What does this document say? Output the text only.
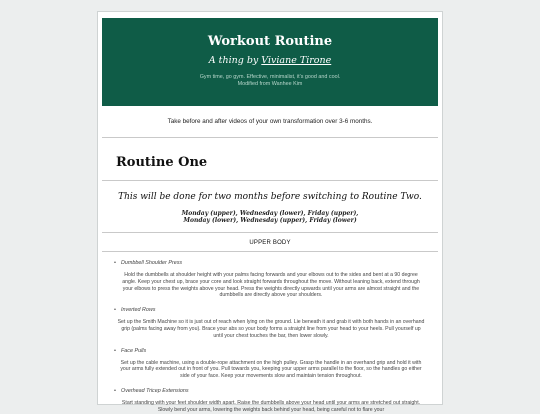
Workout Routine
A thing by Viviane Tirone
Gym time, go gym. Effective, minimalist, it's good and cool.
Modified from Wanhee Kim
Take before and after videos of your own transformation over 3-6 months.
Routine One
This will be done for two months before switching to Routine Two.
Monday (upper), Wednesday (lower), Friday (upper),
Monday (lower), Wednesday (upper), Friday (lower)
UPPER BODY
• Dumbbell Shoulder Press
Hold the dumbbells at shoulder height with your palms facing forwards and your elbows out to the sides and bent at a 90 degree angle. Keep your chest up, brace your core and look straight forwards throughout the move. Without leaning back, extend through your elbows to press the weights above your head. Press the weights directly upwards until your arms are almost straight and the dumbbells are directly above your shoulders.
• Inverted Rows
Set up the Smith Machine so it is just out of reach when lying on the ground. Lie beneath it and grab it with both hands in an overhand grip (palms facing away from you). Brace your abs so your body forms a straight line from your head to your heels. Pull yourself up until your chest touches the bar, then lower slowly.
• Face Pulls
Set up the cable machine, using a double-rope attachment on the high pulley. Grasp the handle in an overhand grip and hold it with your arms fully extended out in front of you. Pull towards you, keeping your upper arms parallel to the floor, so the handles go either side of your face. Keep your movements slow and maintain tension throughout.
• Overhead Tricep Extensions
Start standing with your feet shoulder width apart. Raise the dumbbells above your head until your arms are stretched out straight. Slowly bend your arms, lowering the weights back behind your head, being careful not to flare your
